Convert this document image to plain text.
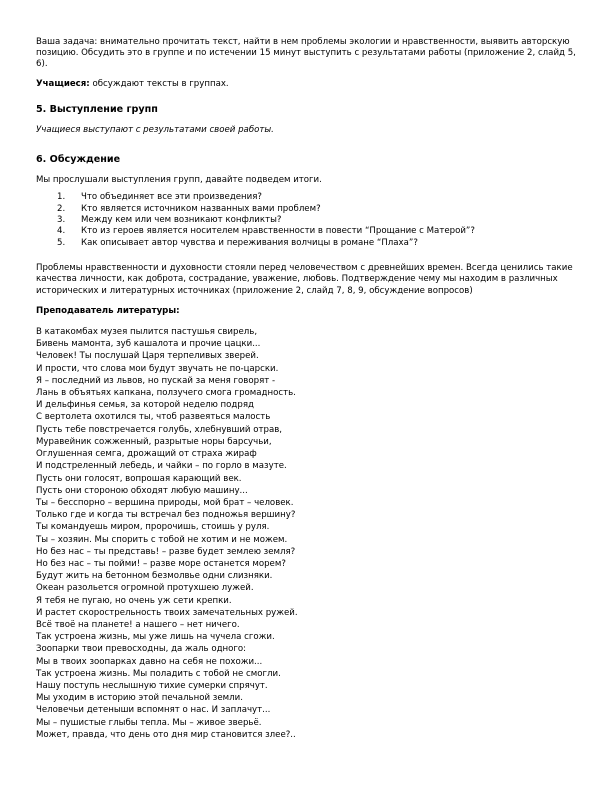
Ваша задача: внимательно прочитать текст, найти в нем проблемы экологии и нравственности, выявить авторскую позицию. Обсудить это в группе и по истечении 15 минут выступить с результатами работы (приложение 2, слайд 5, 6).

Учащиеся: обсуждают тексты в группах.

5. Выступление групп

Учащиеся выступают с результатами своей работы.

6. Обсуждение

Мы прослушали выступления групп, давайте подведем итоги.

1. Что объединяет все эти произведения?
2. Кто является источником названных вами проблем?
3. Между кем или чем возникают конфликты?
4. Кто из героев является носителем нравственности в повести “Прощание с Матерой”?
5. Как описывает автор чувства и переживания волчицы в романе “Плаха”?

Проблемы нравственности и духовности стояли перед человечеством с древнейших времен. Всегда ценились такие качества личности, как доброта, сострадание, уважение, любовь. Подтверждение чему мы находим в различных исторических и литературных источниках (приложение 2, слайд 7, 8, 9, обсуждение вопросов)

Преподаватель литературы:

В катакомбах музея пылится пастушья свирель,

Бивень мамонта, зуб кашалота и прочие цацки...

Человек! Ты послушай Царя терпеливых зверей.

И прости, что слова мои будут звучать не по-царски.

Я – последний из львов, но пускай за меня говорят -

Лань в объятьях капкана, ползучего смога громадность.

И дельфинья семья, за которой неделю подряд

С вертолета охотился ты, чтоб развеяться малость

Пусть тебе повстречается голубь, хлебнувший отрав,

Муравейник сожженный, разрытые норы барсучьи,

Оглушенная семга, дрожащий от страха жираф

И подстреленный лебедь, и чайки – по горло в мазуте.

Пусть они голосят, вопрошая карающий век.

Пусть они стороною обходят любую машину...

Ты – бесспорно – вершина природы, мой брат – человек.

Только где и когда ты встречал без подножья вершину?

Ты командуешь миром, пророчишь, стоишь у руля.

Ты – хозяин. Мы спорить с тобой не хотим и не можем.

Но без нас – ты представь! – разве будет землею земля?

Но без нас – ты пойми! – разве море останется морем?

Будут жить на бетонном безмолвье одни слизняки.

Океан разольется огромной протухшею лужей.

Я тебя не пугаю, но очень уж сети крепки.

И растет скорострельность твоих замечательных ружей.

Всё твоё на планете! а нашего – нет ничего.

Так устроена жизнь, мы уже лишь на чучела сгожи.

Зоопарки твои превосходны, да жаль одного:

Мы в твоих зоопарках давно на себя не похожи...

Так устроена жизнь. Мы поладить с тобой не смогли.

Нашу поступь неслышную тихие сумерки спрячут.

Мы уходим в историю этой печальной земли.

Человечьи детеныши вспомнят о нас. И заплачут...

Мы – пушистые глыбы тепла. Мы – живое зверьё.

Может, правда, что день ото дня мир становится злее?..
